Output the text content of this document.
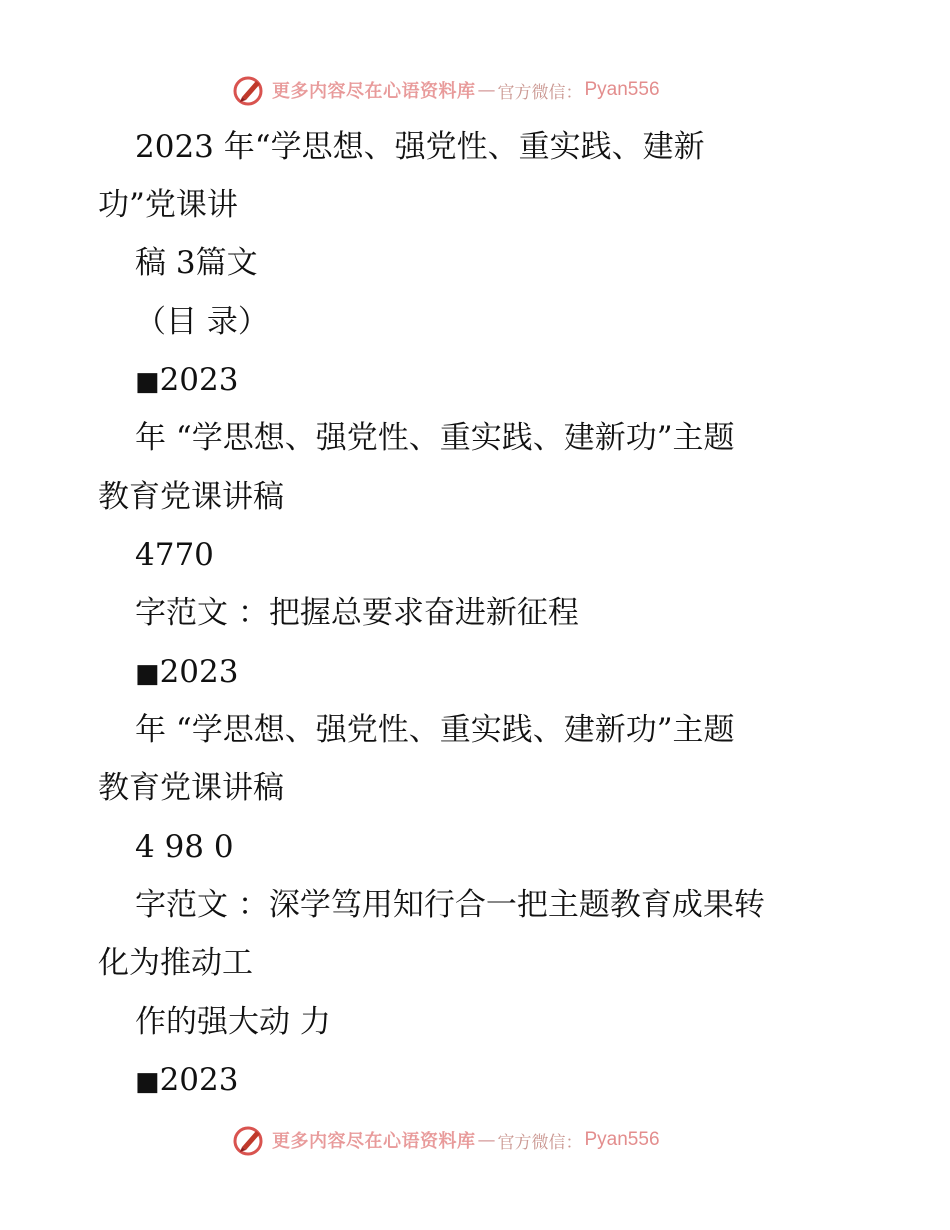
更多内容尽在心语资料库 — 官方微信： Pyan556
2023 年“学思想、强党性、重实践、建新
功”党课讲
稿 3篇文
（目 录）
■2023
年 “学思想、强党性、重实践、建新功”主题
教育党课讲稿
4770
字范文 ：把握总要求奋进新征程
■2023
年 “学思想、强党性、重实践、建新功”主题
教育党课讲稿
4 98 0
字范文 ：深学笃用知行合一把主题教育成果转
化为推动工
作的强大动 力
■2023
更多内容尽在心语资料库 — 官方微信： Pyan556
